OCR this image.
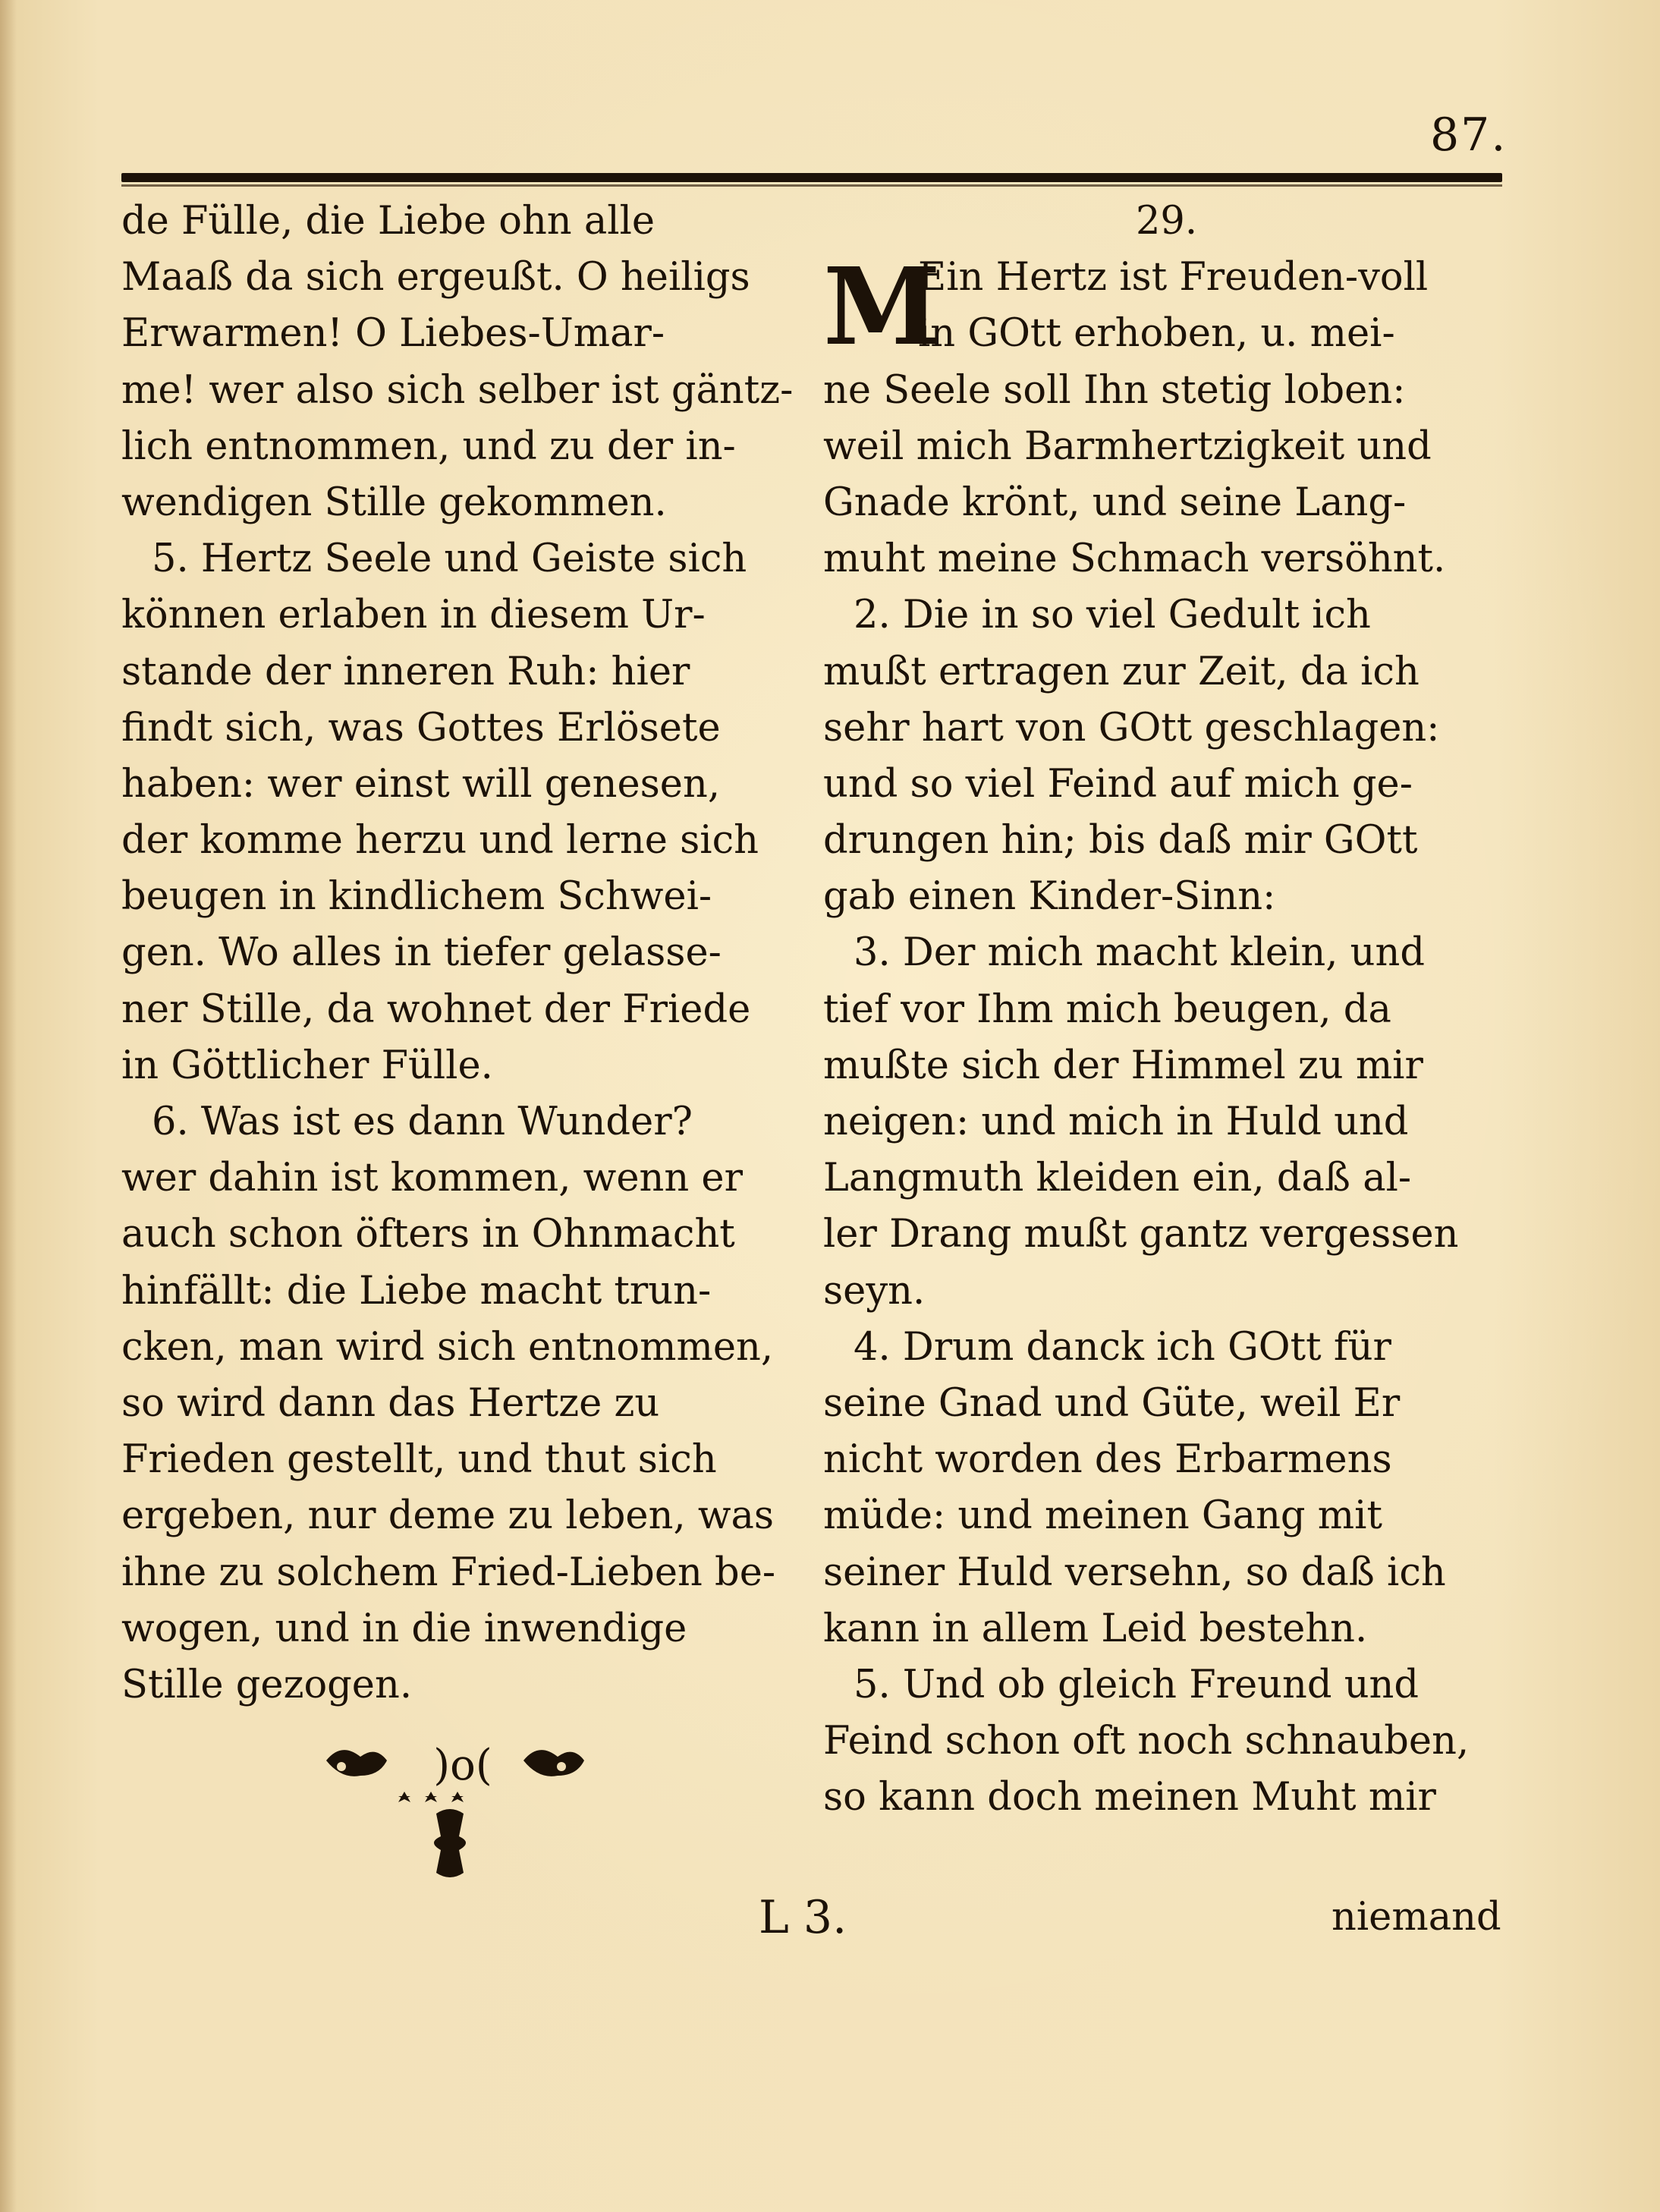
87.
de Fülle, die Liebe ohn alle
Maaß da sich ergeußt. O heiligs
Erwarmen! O Liebes-Umar-
me! wer also sich selber ist gäntz-
lich entnommen, und zu der in-
wendigen Stille gekommen.
5. Hertz Seele und Geiste sich
können erlaben in diesem Ur-
stande der inneren Ruh: hier
findt sich, was Gottes Erlösete
haben: wer einst will genesen,
der komme herzu und lerne sich
beugen in kindlichem Schwei-
gen. Wo alles in tiefer gelasse-
ner Stille, da wohnet der Friede
in Göttlicher Fülle.
6. Was ist es dann Wunder?
wer dahin ist kommen, wenn er
auch schon öfters in Ohnmacht
hinfällt: die Liebe macht trun-
cken, man wird sich entnommen,
so wird dann das Hertze zu
Frieden gestellt, und thut sich
ergeben, nur deme zu leben, was
ihne zu solchem Fried-Lieben be-
wogen, und in die inwendige
Stille gezogen.
29.
M
Ein Hertz ist Freuden-voll
in GOtt erhoben, u. mei-
ne Seele soll Ihn stetig loben:
weil mich Barmhertzigkeit und
Gnade krönt, und seine Lang-
muht meine Schmach versöhnt.
2. Die in so viel Gedult ich
mußt ertragen zur Zeit, da ich
sehr hart von GOtt geschlagen:
und so viel Feind auf mich ge-
drungen hin; bis daß mir GOtt
gab einen Kinder-Sinn:
3. Der mich macht klein, und
tief vor Ihm mich beugen, da
mußte sich der Himmel zu mir
neigen: und mich in Huld und
Langmuth kleiden ein, daß al-
ler Drang mußt gantz vergessen
seyn.
4. Drum danck ich GOtt für
seine Gnad und Güte, weil Er
nicht worden des Erbarmens
müde: und meinen Gang mit
seiner Huld versehn, so daß ich
kann in allem Leid bestehn.
5. Und ob gleich Freund und
Feind schon oft noch schnauben,
so kann doch meinen Muht mir
)o(
L 3.	niemand
